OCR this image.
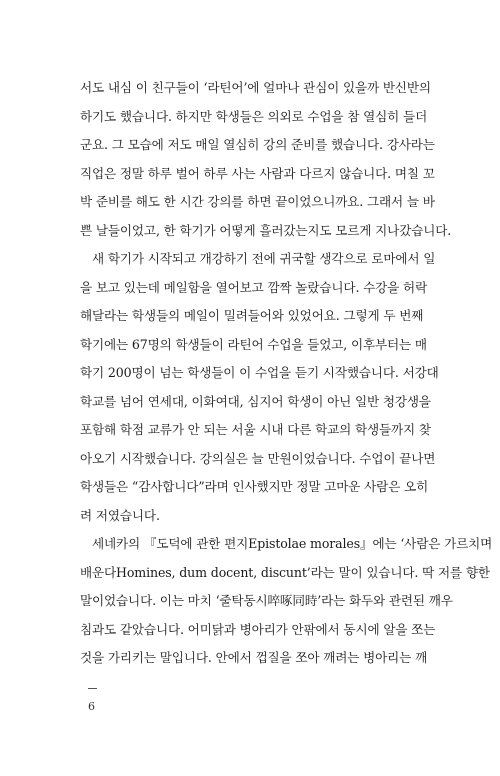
서도 내심 이 친구들이 ‘라틴어’에 얼마나 관심이 있을까 반신반의
하기도 했습니다. 하지만 학생들은 의외로 수업을 참 열심히 들더
군요. 그 모습에 저도 매일 열심히 강의 준비를 했습니다. 강사라는
직업은 정말 하루 벌어 하루 사는 사람과 다르지 않습니다. 며칠 꼬
박 준비를 해도 한 시간 강의를 하면 끝이었으니까요. 그래서 늘 바
쁜 날들이었고, 한 학기가 어떻게 흘러갔는지도 모르게 지나갔습니다.
새 학기가 시작되고 개강하기 전에 귀국할 생각으로 로마에서 일
을 보고 있는데 메일함을 열어보고 깜짝 놀랐습니다. 수강을 허락
해달라는 학생들의 메일이 밀려들어와 있었어요. 그렇게 두 번째
학기에는 67명의 학생들이 라틴어 수업을 들었고, 이후부터는 매
학기 200명이 넘는 학생들이 이 수업을 듣기 시작했습니다. 서강대
학교를 넘어 연세대, 이화여대, 심지어 학생이 아닌 일반 청강생을
포함해 학점 교류가 안 되는 서울 시내 다른 학교의 학생들까지 찾
아오기 시작했습니다. 강의실은 늘 만원이었습니다. 수업이 끝나면
학생들은 “감사합니다”라며 인사했지만 정말 고마운 사람은 오히
려 저였습니다.
세네카의 『도덕에 관한 편지Epistolae morales』에는 ‘사람은 가르치며
배운다Homines, dum docent, discunt’라는 말이 있습니다. 딱 저를 향한
말이었습니다. 이는 마치 ‘줄탁동시啐啄同時’라는 화두와 관련된 깨우
침과도 같았습니다. 어미닭과 병아리가 안팎에서 동시에 알을 쪼는
것을 가리키는 말입니다. 안에서 껍질을 쪼아 깨려는 병아리는 깨
6
